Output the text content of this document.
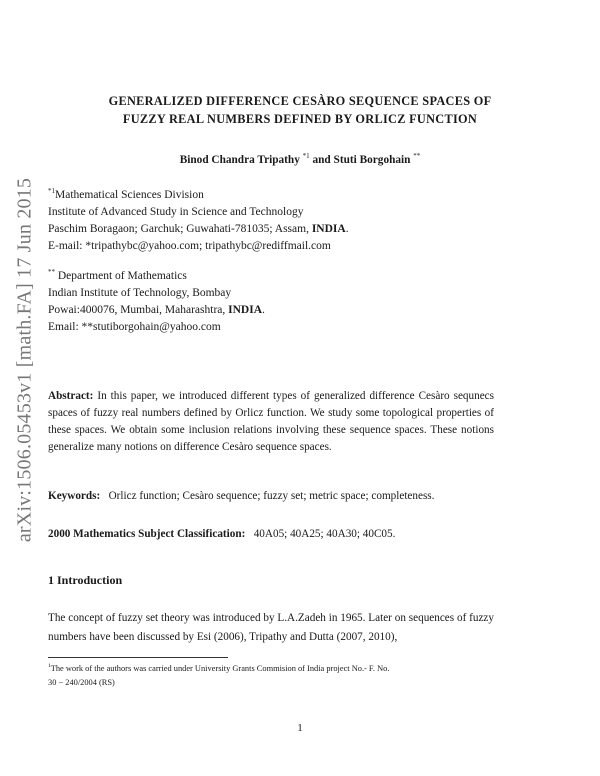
arXiv:1506.05453v1 [math.FA] 17 Jun 2015
GENERALIZED DIFFERENCE CESÀRO SEQUENCE SPACES OF
FUZZY REAL NUMBERS DEFINED BY ORLICZ FUNCTION
Binod Chandra Tripathy $^{*1}$ and Stuti Borgohain **
$^{*1}$Mathematical Sciences Division
Institute of Advanced Study in Science and Technology
Paschim Boragaon; Garchuk; Guwahati-781035; Assam, INDIA.
E-mail: *tripathybc@yahoo.com; tripathybc@rediffmail.com
** Department of Mathematics
Indian Institute of Technology, Bombay
Powai:400076, Mumbai, Maharashtra, INDIA.
Email: **stutiborgohain@yahoo.com
Abstract: In this paper, we introduced different types of generalized difference Cesàro sequnecs spaces of fuzzy real numbers defined by Orlicz function. We study some topological properties of these spaces. We obtain some inclusion relations involving these sequence spaces. These notions generalize many notions on difference Cesàro sequence spaces.
Keywords: Orlicz function; Cesàro sequence; fuzzy set; metric space; completeness.
2000 Mathematics Subject Classification: 40A05; 40A25; 40A30; 40C05.
1 Introduction
The concept of fuzzy set theory was introduced by L.A.Zadeh in 1965. Later on sequences of fuzzy numbers have been discussed by Esi (2006), Tripathy and Dutta (2007, 2010),
$^1$The work of the authors was carried under University Grants Commision of India project No.- F. No.
30 − 240/2004 (RS)
1
